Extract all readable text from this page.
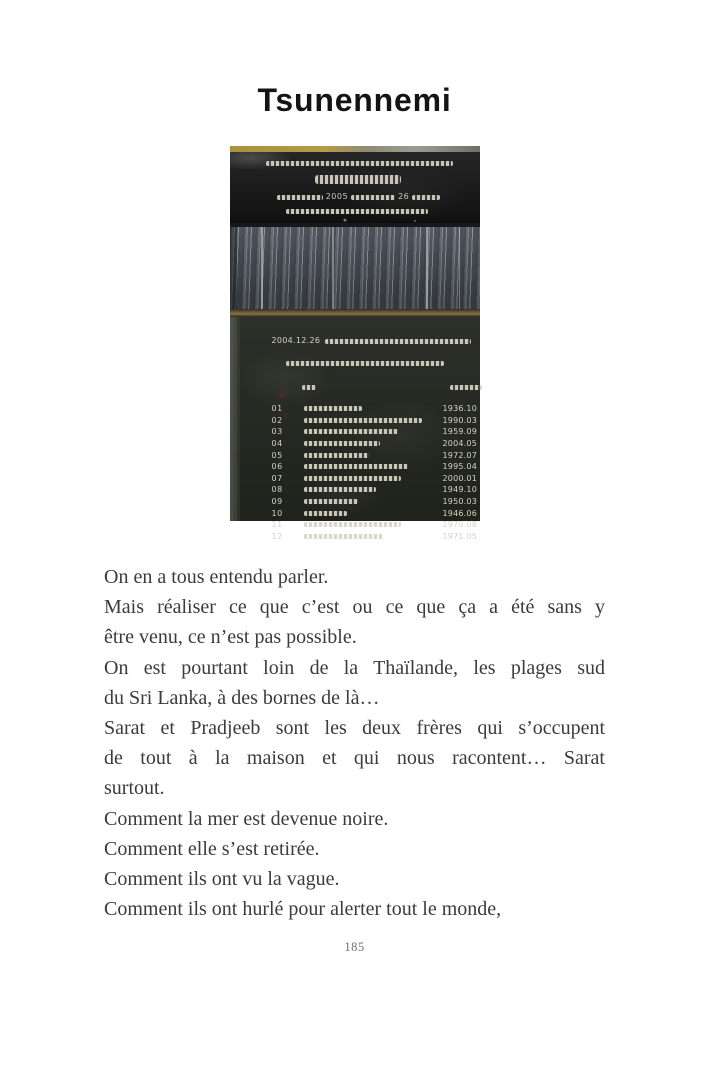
Tsunennemi
2005	26
2004.12.26
01	1936.10
02	1990.03
03	1959.09
04	2004.05
05	1972.07
06	1995.04
07	2000.01
08	1949.10
09	1950.03
10	1946.06
11	1970.08
12	1971.05
On en a tous entendu parler.
Mais réaliser ce que c’est ou ce que ça a été sans y
être venu, ce n’est pas possible.
On est pourtant loin de la Thaïlande, les plages sud
du Sri Lanka, à des bornes de là…
Sarat et Pradjeeb sont les deux frères qui s’occupent
de tout à la maison et qui nous racontent… Sarat
surtout.
Comment la mer est devenue noire.
Comment elle s’est retirée.
Comment ils ont vu la vague.
Comment ils ont hurlé pour alerter tout le monde,
185
